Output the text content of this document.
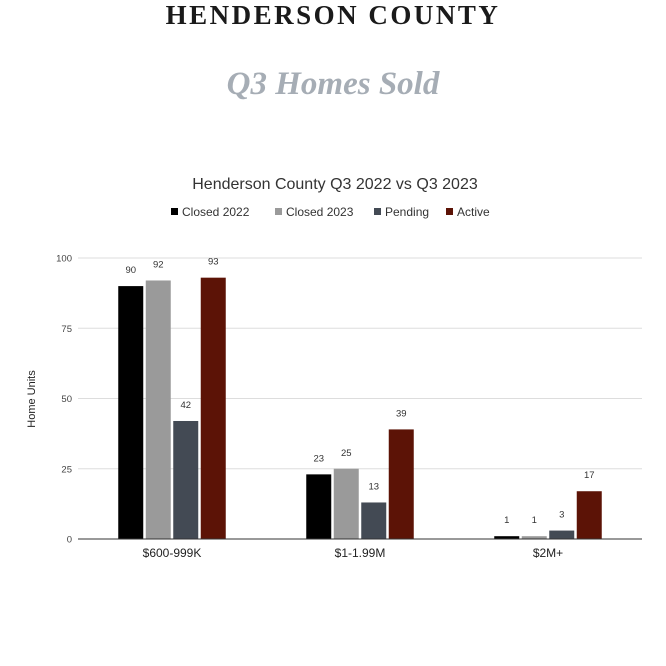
HENDERSON COUNTY
Q3 Homes Sold
Henderson County Q3 2022 vs Q3 2023
Closed 2022	Closed 2023	Pending Active
0
25
50
75
100
Home Units
90
92
42
93
23
25
13
39
1 1
3
17
$600-999K	$1-1.99M	$2M+
